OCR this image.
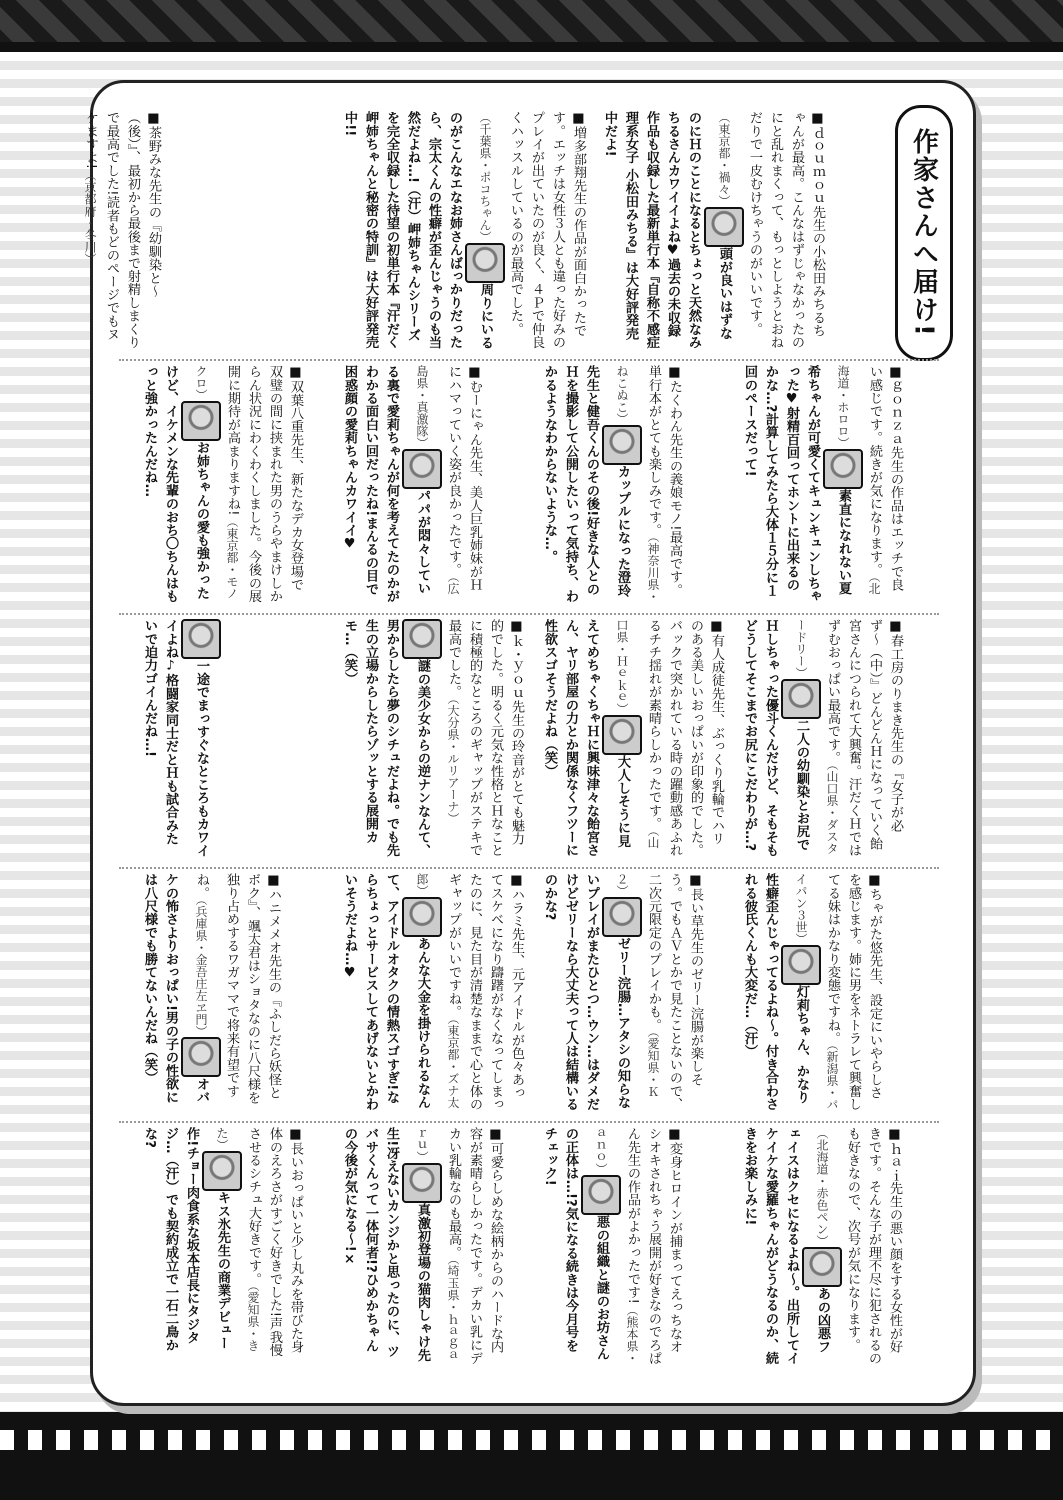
作家さんへ届け!
■ｄｏｕｍｏｕ先生の小松田みちるちゃんが最高。こんなはずじゃなかったのにと乱れまくって、もっとしようとおねだりで一皮むけちゃうのがいいです。（東京都・禍々）頭が良いはずなのにＨのことになるとちょっと天然なみちるさんカワイイよね♥過去の未収録作品も収録した最新単行本『自称不感症理系女子 小松田みちる』は大好評発売中だよ!
■増多部翔先生の作品が面白かったです。エッチは女性３人とも違った好みのプレイが出ていたのが良く、４Ｐで仲良くハッスルしているのが最高でした。（千葉県・ポコちゃん）周りにいるのがこんなエなお姉さんばっかりだったら、宗太くんの性癖が歪んじゃうのも当然だよね…!（汗）岬姉ちゃんシリーズを完全収録した待望の初単行本『汗だく岬姉ちゃんと秘密の特訓』は大好評発売中!!
■茶野みな先生の『幼馴染と〜（後）』、最初から最後まで射精しまくりで最高でした!読者もどのページでもヌケますよ!（京都府・冬川）
■ｇｏｎｚａ先生の作品はエッチで良い感じです。続きが気になります。（北海道・ホロロ）素直になれない夏希ちゃんが可愛くてキュンキュンしちゃった♥射精百回ってホントに出来るのかな…?計算してみたら大体１５分に１回のペースだって!
■たくわん先生の義娘モノ!最高です。単行本がとても楽しみです。（神奈川県・ねこぬこ）カップルになった澄玲先生と健吾くんのその後!好きな人とのＨを撮影して公開したいって気持ち、わかるようなわからないような…。
■むーにゃん先生、美人巨乳姉妹がＨにハマっていく姿が良かったです。（広島県・真激隊）パパが悶々している裏で愛莉ちゃんが何を考えてたのかがわかる面白い回だったね!まんるの目で困惑顔の愛莉ちゃんカワイイ♥
■双葉八重先生、新たなデカ女登場で双璧の間に挟まれた男のうらやまけしからん状況にわくわくしました。今後の展開に期待が高まりますね!（東京都・モノクロ）お姉ちゃんの愛も強かったけど、イケメンな先輩のおち〇ちんはもっと強かったんだね…
■春工房のりまき先生の『女子が必ず〜（中）』どんどんＨになっていく飴宮さんにつられて大興奮。汗だくＨではずむおっぱい最高です。（山口県・ダスタードリー）二人の幼馴染とお尻でＨしちゃった優斗くんだけど、そもそもどうしてそこまでお尻にこだわりが…?
■有人成徒先生、ぶっくり乳輪でハリのある美しいおっぱいが印象的でした。バックで突かれている時の躍動感あふれるチチ揺れが素晴らしかったです。（山口県・Ｈｅｋｅ）大人しそうに見えてめちゃくちゃＨに興味津々な飴宮さん、ヤリ部屋の力とか関係なくフツーに性欲スゴそうだよね（笑）
■ｋ・ｙｏｕ先生の玲音がとても魅力的でした。明るく元気な性格とＨなことに積極的なところのギャップがステキで最高でした。（大分県・ルリアーナ）謎の美少女からの逆ナンなんて、男からしたら夢のシチュだよね。でも先生の立場からしたらゾッとする展開カモ…（笑）
一途でまっすぐなところもカワイイよね♪格闘家同士だとＨも試合みたいで迫力ゴイんだね…!
■ちゃがた悠先生、設定にいやらしさを感じます。姉に男をネトラレて興奮してる妹はかなり変態ですね。（新潟県・パイパン３世）灯莉ちゃん、かなり性癖歪んじゃってるよね〜。付き合わされる彼氏くんも大変だ…（汗）
■長い草先生のゼリー浣腸が楽しそう。でもＡＶとかで見たことないので、二次元限定のプレイかも。（愛知県・Ｋ２）ゼリー浣腸…アタシの知らないプレイがまたひとつ…ウン…はダメだけどゼリーなら大丈夫って人は結構いるのかな?
■ハラミ先生、元アイドルが色々あってスケベになり躊躇がなくなってしまったのに、見た目が清楚なままで心と体のギャップがいいですね。（東京都・ズナ太郎）あんな大金を掛けられるなんて、アイドルオタクの情熱スゴすぎ!ならちょっとサービスしてあげないとかわいそうだよね…♥
■ハニメメオ先生の『ふしだら妖怪とボク』、颯太君はショタなのに八尺様を独り占めするワガママで将来有望ですね。（兵庫県・金吾庄左ヱ門）オバケの怖さよりおっぱい!男の子の性欲には八尺様でも勝てないんだね（笑）
■ｈａｉ先生の悪い顔をする女性が好きです。そんな子が理不尽に犯されるのも好きなので、次号が気になります。（北海道・赤色ペン）あの凶悪フェイスはクセになるよね〜。出所してイケイケな愛羅ちゃんがどうなるのか、続きをお楽しみに!
■変身ヒロインが捕まってえっちなオシオキされちゃう展開が好きなのでろぱん先生の作品がよかったです!（熊本県・ａｎｏ）悪の組織と謎のお坊さんの正体は…!?気になる続きは今月号をチェック!
■可愛らしめな絵柄からのハードな内容が素晴らしかったです。デカい乳にデカい乳輪なのも最高。（埼玉県・ｈａｇａｒｕ）真激初登場の猫肉しゃけ先生!冴えないカンジかと思ったのに、ツバサくんって一体何者!?ひめかちゃんの今後が気になる〜!×
■長いおっぱいと少し丸みを帯びた身体のえろさがすごく好きでした!声我慢させるシチュ大好きです。（愛知県・きた）キス氷先生の商業デビュー作!チョー肉食系な坂本店長にタジタジ…（汗）でも契約成立で一石二鳥かな?
